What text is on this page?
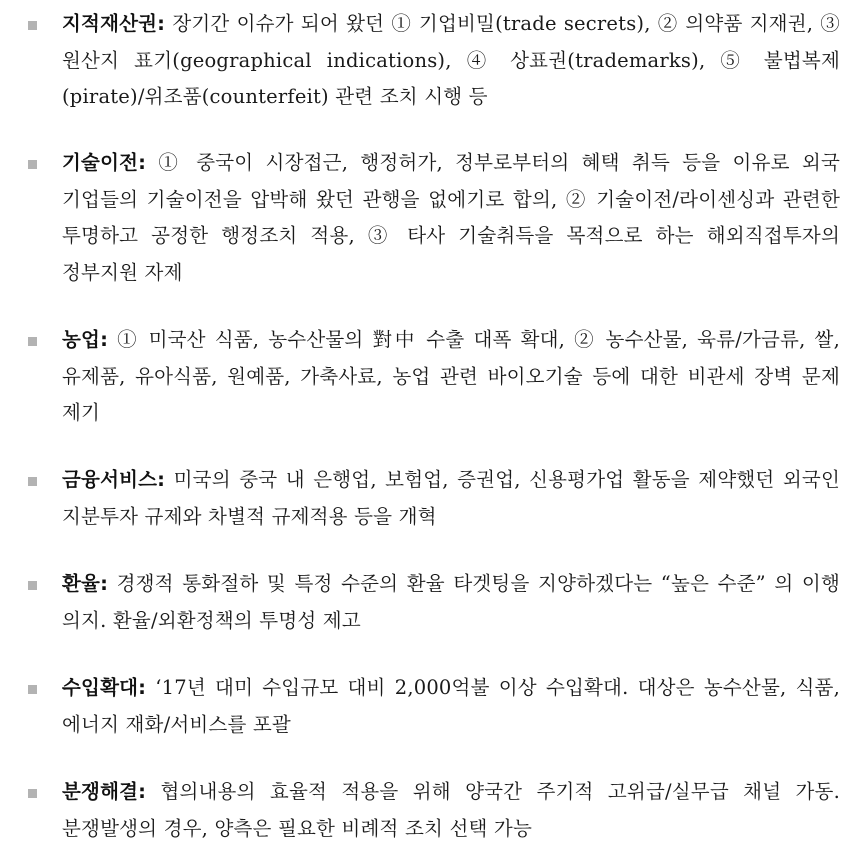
지적재산권: 장기간 이슈가 되어 왔던 ① 기업비밀(trade secrets), ② 의약품 지재권, ③ 원산지 표기(geographical indications), ④ 상표권(trademarks), ⑤ 불법복제(pirate)/위조품(counterfeit) 관련 조치 시행 등
기술이전: ① 중국이 시장접근, 행정허가, 정부로부터의 혜택 취득 등을 이유로 외국 기업들의 기술이전을 압박해 왔던 관행을 없에기로 합의, ② 기술이전/라이센싱과 관련한 투명하고 공정한 행정조치 적용, ③ 타사 기술취득을 목적으로 하는 해외직접투자의 정부지원 자제
농업: ① 미국산 식품, 농수산물의 對中 수출 대폭 확대, ② 농수산물, 육류/가금류, 쌀, 유제품, 유아식품, 원예품, 가축사료, 농업 관련 바이오기술 등에 대한 비관세 장벽 문제 제기
금융서비스: 미국의 중국 내 은행업, 보험업, 증권업, 신용평가업 활동을 제약했던 외국인 지분투자 규제와 차별적 규제적용 등을 개혁
환율: 경쟁적 통화절하 및 특정 수준의 환율 타겟팅을 지양하겠다는 “높은 수준” 의 이행 의지. 환율/외환정책의 투명성 제고
수입확대: ‘17년 대미 수입규모 대비 2,000억불 이상 수입확대. 대상은 농수산물, 식품, 에너지 재화/서비스를 포괄
분쟁해결: 협의내용의 효율적 적용을 위해 양국간 주기적 고위급/실무급 채널 가동. 분쟁발생의 경우, 양측은 필요한 비례적 조치 선택 가능
